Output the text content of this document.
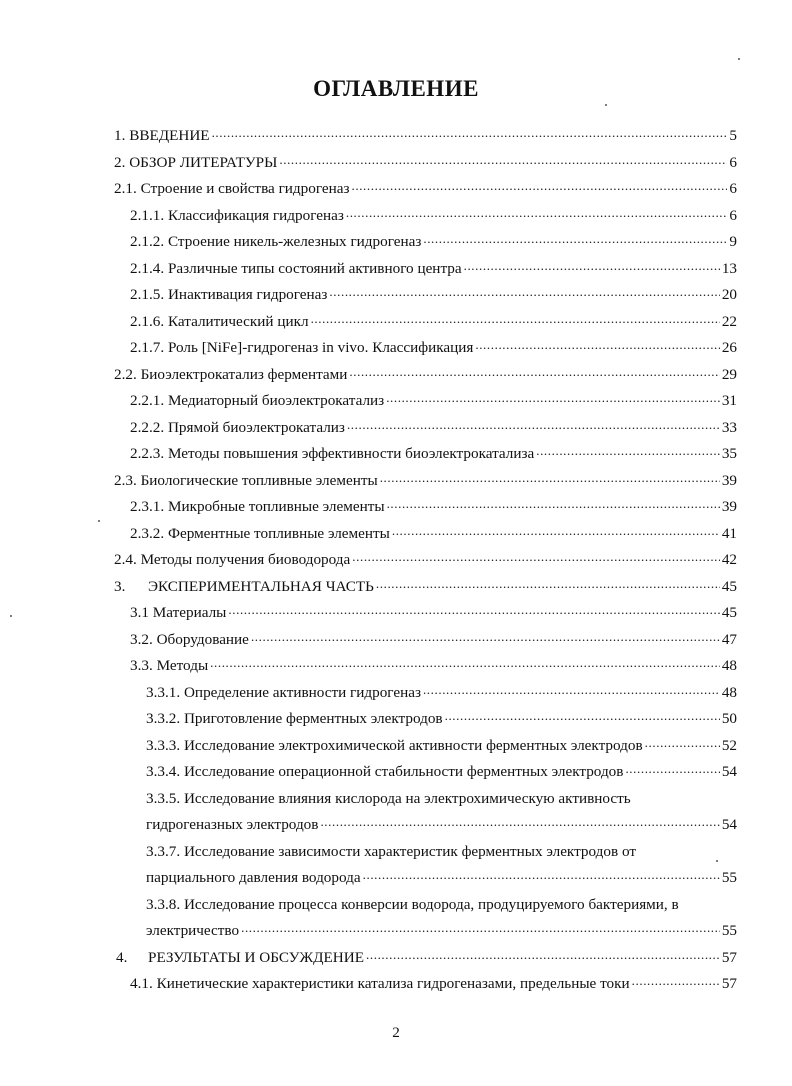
ОГЛАВЛЕНИЕ
1. ВВЕДЕНИЕ .....	5
2. ОБЗОР ЛИТЕРАТУРЫ .....	6
2.1. Строение и свойства гидрогеназ .....	6
2.1.1. Классификация гидрогеназ .....	6
2.1.2. Строение никель-железных гидрогеназ .....	9
2.1.4. Различные типы состояний активного центра .....	13
2.1.5. Инактивация гидрогеназ .....	20
2.1.6. Каталитический цикл .....	22
2.1.7. Роль [NiFe]-гидрогеназ in vivo. Классификация .....	26
2.2. Биоэлектрокатализ ферментами .....	29
2.2.1. Медиаторный биоэлектрокатализ .....	31
2.2.2. Прямой биоэлектрокатализ .....	33
2.2.3. Методы повышения эффективности биоэлектрокатализа .....	35
2.3. Биологические топливные элементы .....	39
2.3.1. Микробные топливные элементы .....	39
2.3.2. Ферментные топливные элементы .....	41
2.4. Методы получения биоводорода .....	42
3. ЭКСПЕРИМЕНТАЛЬНАЯ ЧАСТЬ .....	45
3.1 Материалы .....	45
3.2. Оборудование .....	47
3.3. Методы .....	48
3.3.1. Определение активности гидрогеназ .....	48
3.3.2. Приготовление ферментных электродов .....	50
3.3.3. Исследование электрохимической активности ферментных электродов .....	52
3.3.4. Исследование операционной стабильности ферментных электродов .....	54
3.3.5. Исследование влияния кислорода на электрохимическую активность
гидрогеназных электродов .....	54
3.3.7. Исследование зависимости характеристик ферментных электродов от
парциального давления водорода .....	55
3.3.8. Исследование процесса конверсии водорода, продуцируемого бактериями, в
электричество .....	55
4. РЕЗУЛЬТАТЫ И ОБСУЖДЕНИЕ .....	57
4.1. Кинетические характеристики катализа гидрогеназами, предельные токи .....	57
2
